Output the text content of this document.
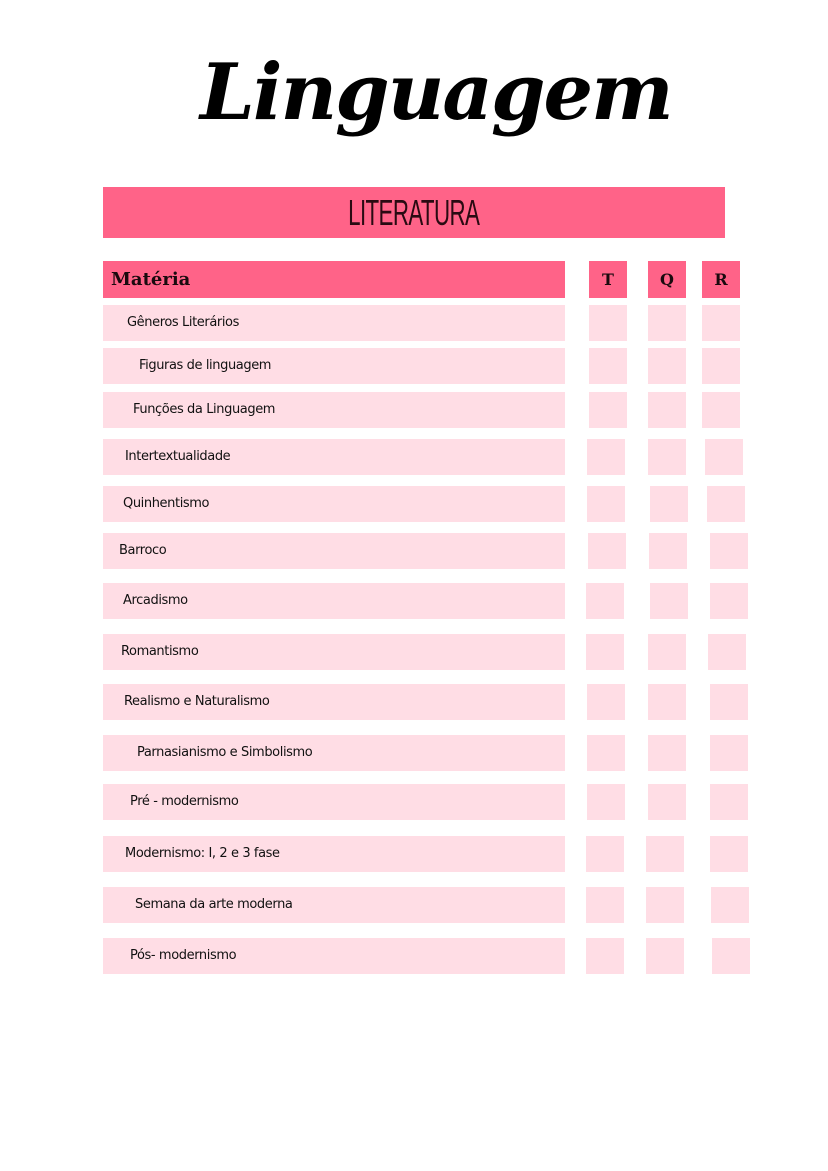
Linguagem
LITERATURA
Matéria	T	Q	R
Gêneros Literários
Figuras de linguagem
Funções da Linguagem
Intertextualidade
Quinhentismo
Barroco
Arcadismo
Romantismo
Realismo e Naturalismo
Parnasianismo e Simbolismo
Pré - modernismo
Modernismo: I, 2 e 3 fase
Semana da arte moderna
Pós- modernismo
